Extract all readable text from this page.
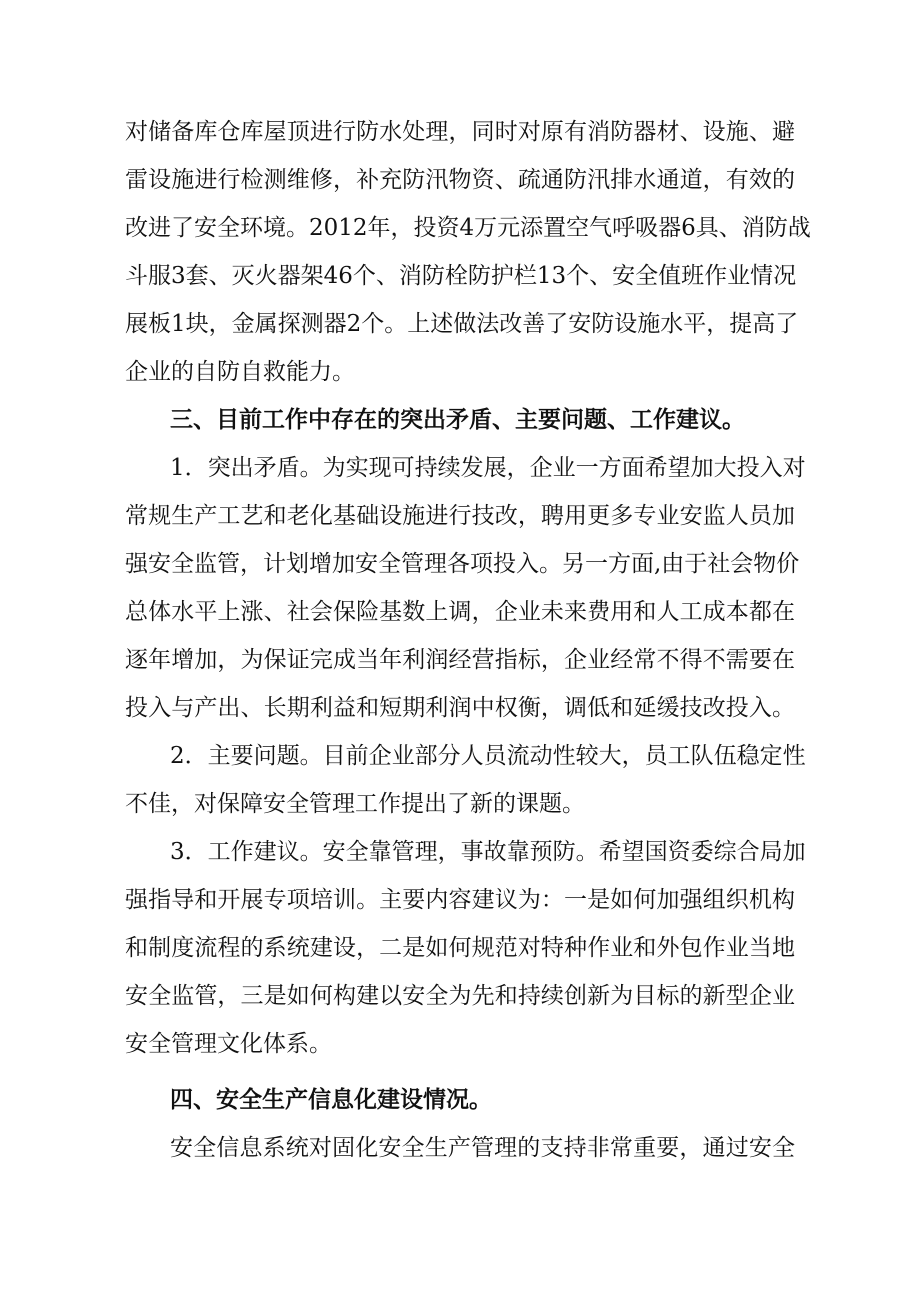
对储备库仓库屋顶进行防水处理，同时对原有消防器材、设施、避
雷设施进行检测维修，补充防汛物资、疏通防汛排水通道，有效的
改进了安全环境。2012年，投资4万元添置空气呼吸器6具、消防战
斗服3套、灭火器架46个、消防栓防护栏13个、安全值班作业情况
展板1块，金属探测器2个。上述做法改善了安防设施水平，提高了
企业的自防自救能力。
三、目前工作中存在的突出矛盾、主要问题、工作建议。
1．突出矛盾。为实现可持续发展，企业一方面希望加大投入对
常规生产工艺和老化基础设施进行技改，聘用更多专业安监人员加
强安全监管，计划增加安全管理各项投入。另一方面,由于社会物价
总体水平上涨、社会保险基数上调，企业未来费用和人工成本都在
逐年增加，为保证完成当年利润经营指标，企业经常不得不需要在
投入与产出、长期利益和短期利润中权衡，调低和延缓技改投入。
2．主要问题。目前企业部分人员流动性较大，员工队伍稳定性
不佳，对保障安全管理工作提出了新的课题。
3．工作建议。安全靠管理，事故靠预防。希望国资委综合局加
强指导和开展专项培训。主要内容建议为：一是如何加强组织机构
和制度流程的系统建设，二是如何规范对特种作业和外包作业当地
安全监管，三是如何构建以安全为先和持续创新为目标的新型企业
安全管理文化体系。
四、安全生产信息化建设情况。
安全信息系统对固化安全生产管理的支持非常重要，通过安全
